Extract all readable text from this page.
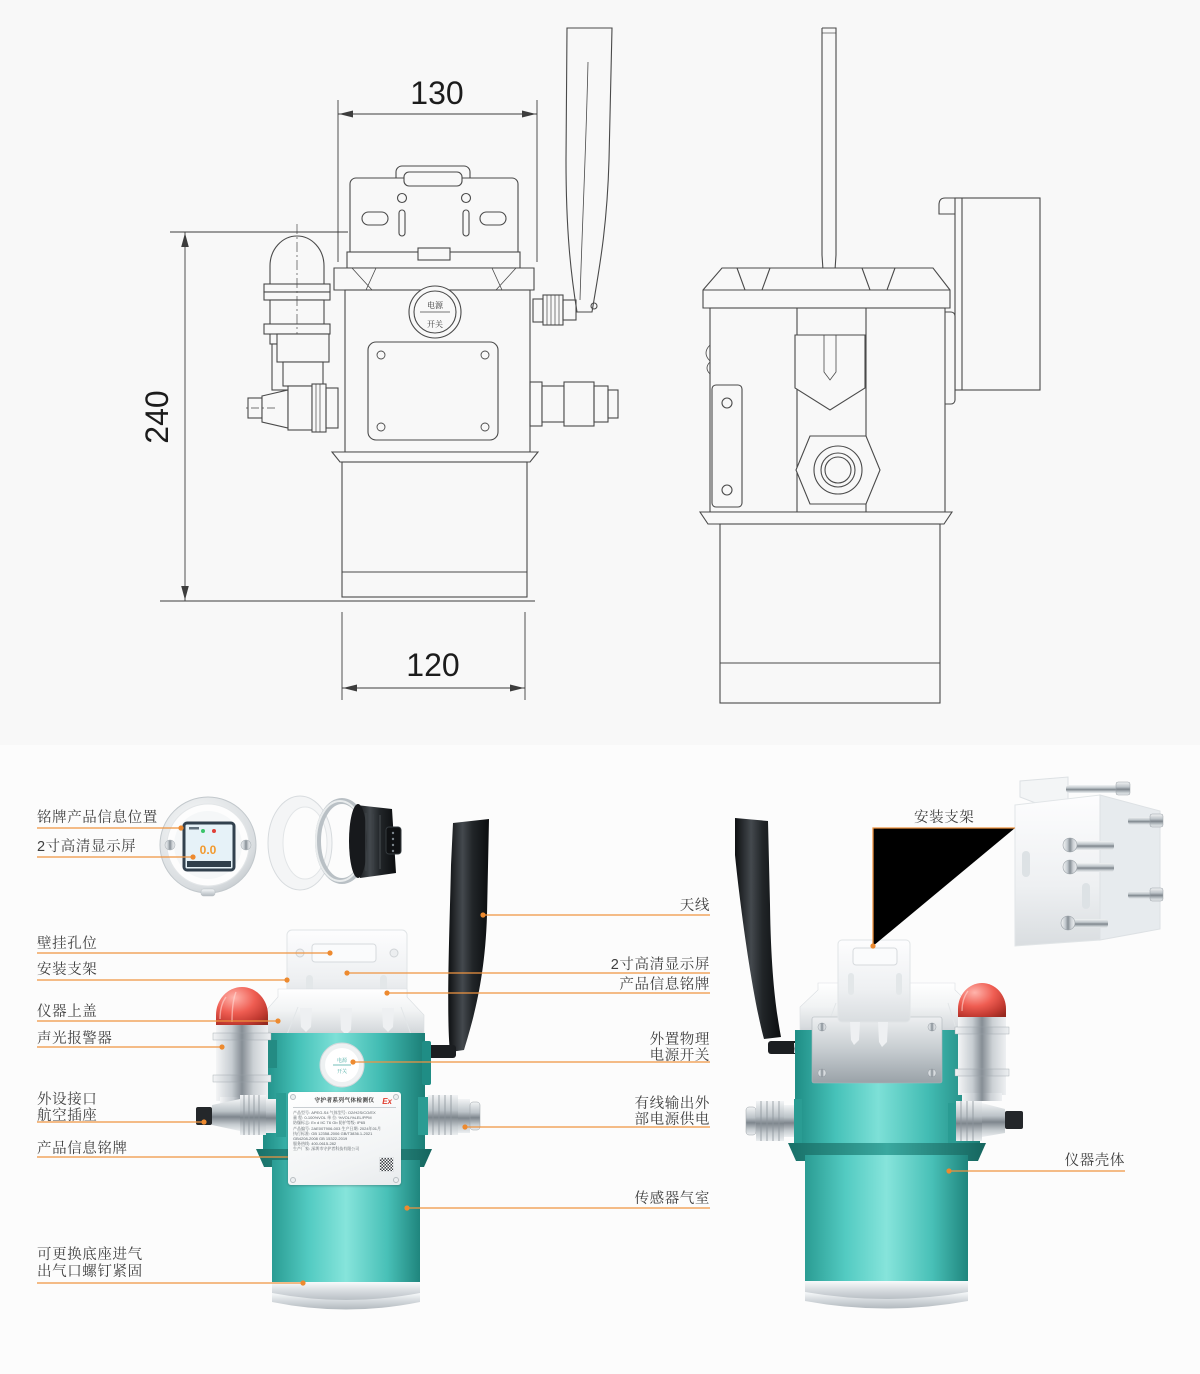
电源
开关
130
240
120
0.0
电源
开关
Ex
守护者系列气体检测仪
产品型号: APEG-S4 气体型号: O2/H2S/CO/EX
量 程: 0-100%VOL 单 位: %VOL/%LEL/PPM
防爆标志: Ex d IIC T6 Gb 防护等级: IP65
产品编号: 2AE00T906-003 生产日期: 2024年01月
执行标准: GB 12358-2006 GB/T3836.1-2021
GB4208-2008 GB 15322-2019
服务热线: 400-0615-282
生产厂家: 深圳市守护者科技有限公司
铭牌产品信息位置
2寸高清显示屏
壁挂孔位
安装支架
仪器上盖
声光报警器
外设接口
航空插座
产品信息铭牌
可更换底座进气
出气口螺钉紧固
天线
2寸高清显示屏
产品信息铭牌
外置物理
电源开关
有线输出外
部电源供电
传感器气室
安装支架
仪器壳体
